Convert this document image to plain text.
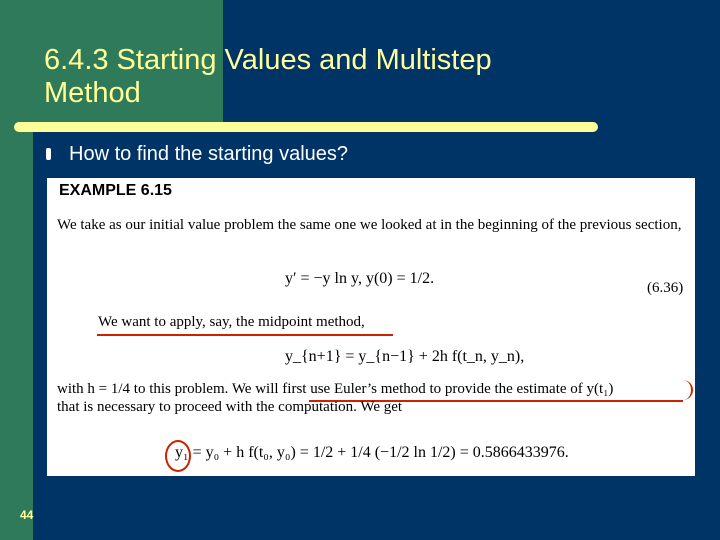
6.4.3 Starting Values and Multistep
Method
How to find the starting values?
EXAMPLE 6.15
We take as our initial value problem the same one we looked at in the beginning of the previous section,
y′ = −y ln y, y(0) = 1/2.
(6.36)
We want to apply, say, the midpoint method,
y_{n+1} = y_{n−1} + 2h f(t_n, y_n),
with h = 1/4 to this problem. We will first use Euler’s method to provide the estimate of y(t₁)
that is necessary to proceed with the computation. We get
y₁ = y₀ + h f(t₀, y₀) = 1/2 + 1/4 (−1/2 ln 1/2) = 0.5866433976.
44
